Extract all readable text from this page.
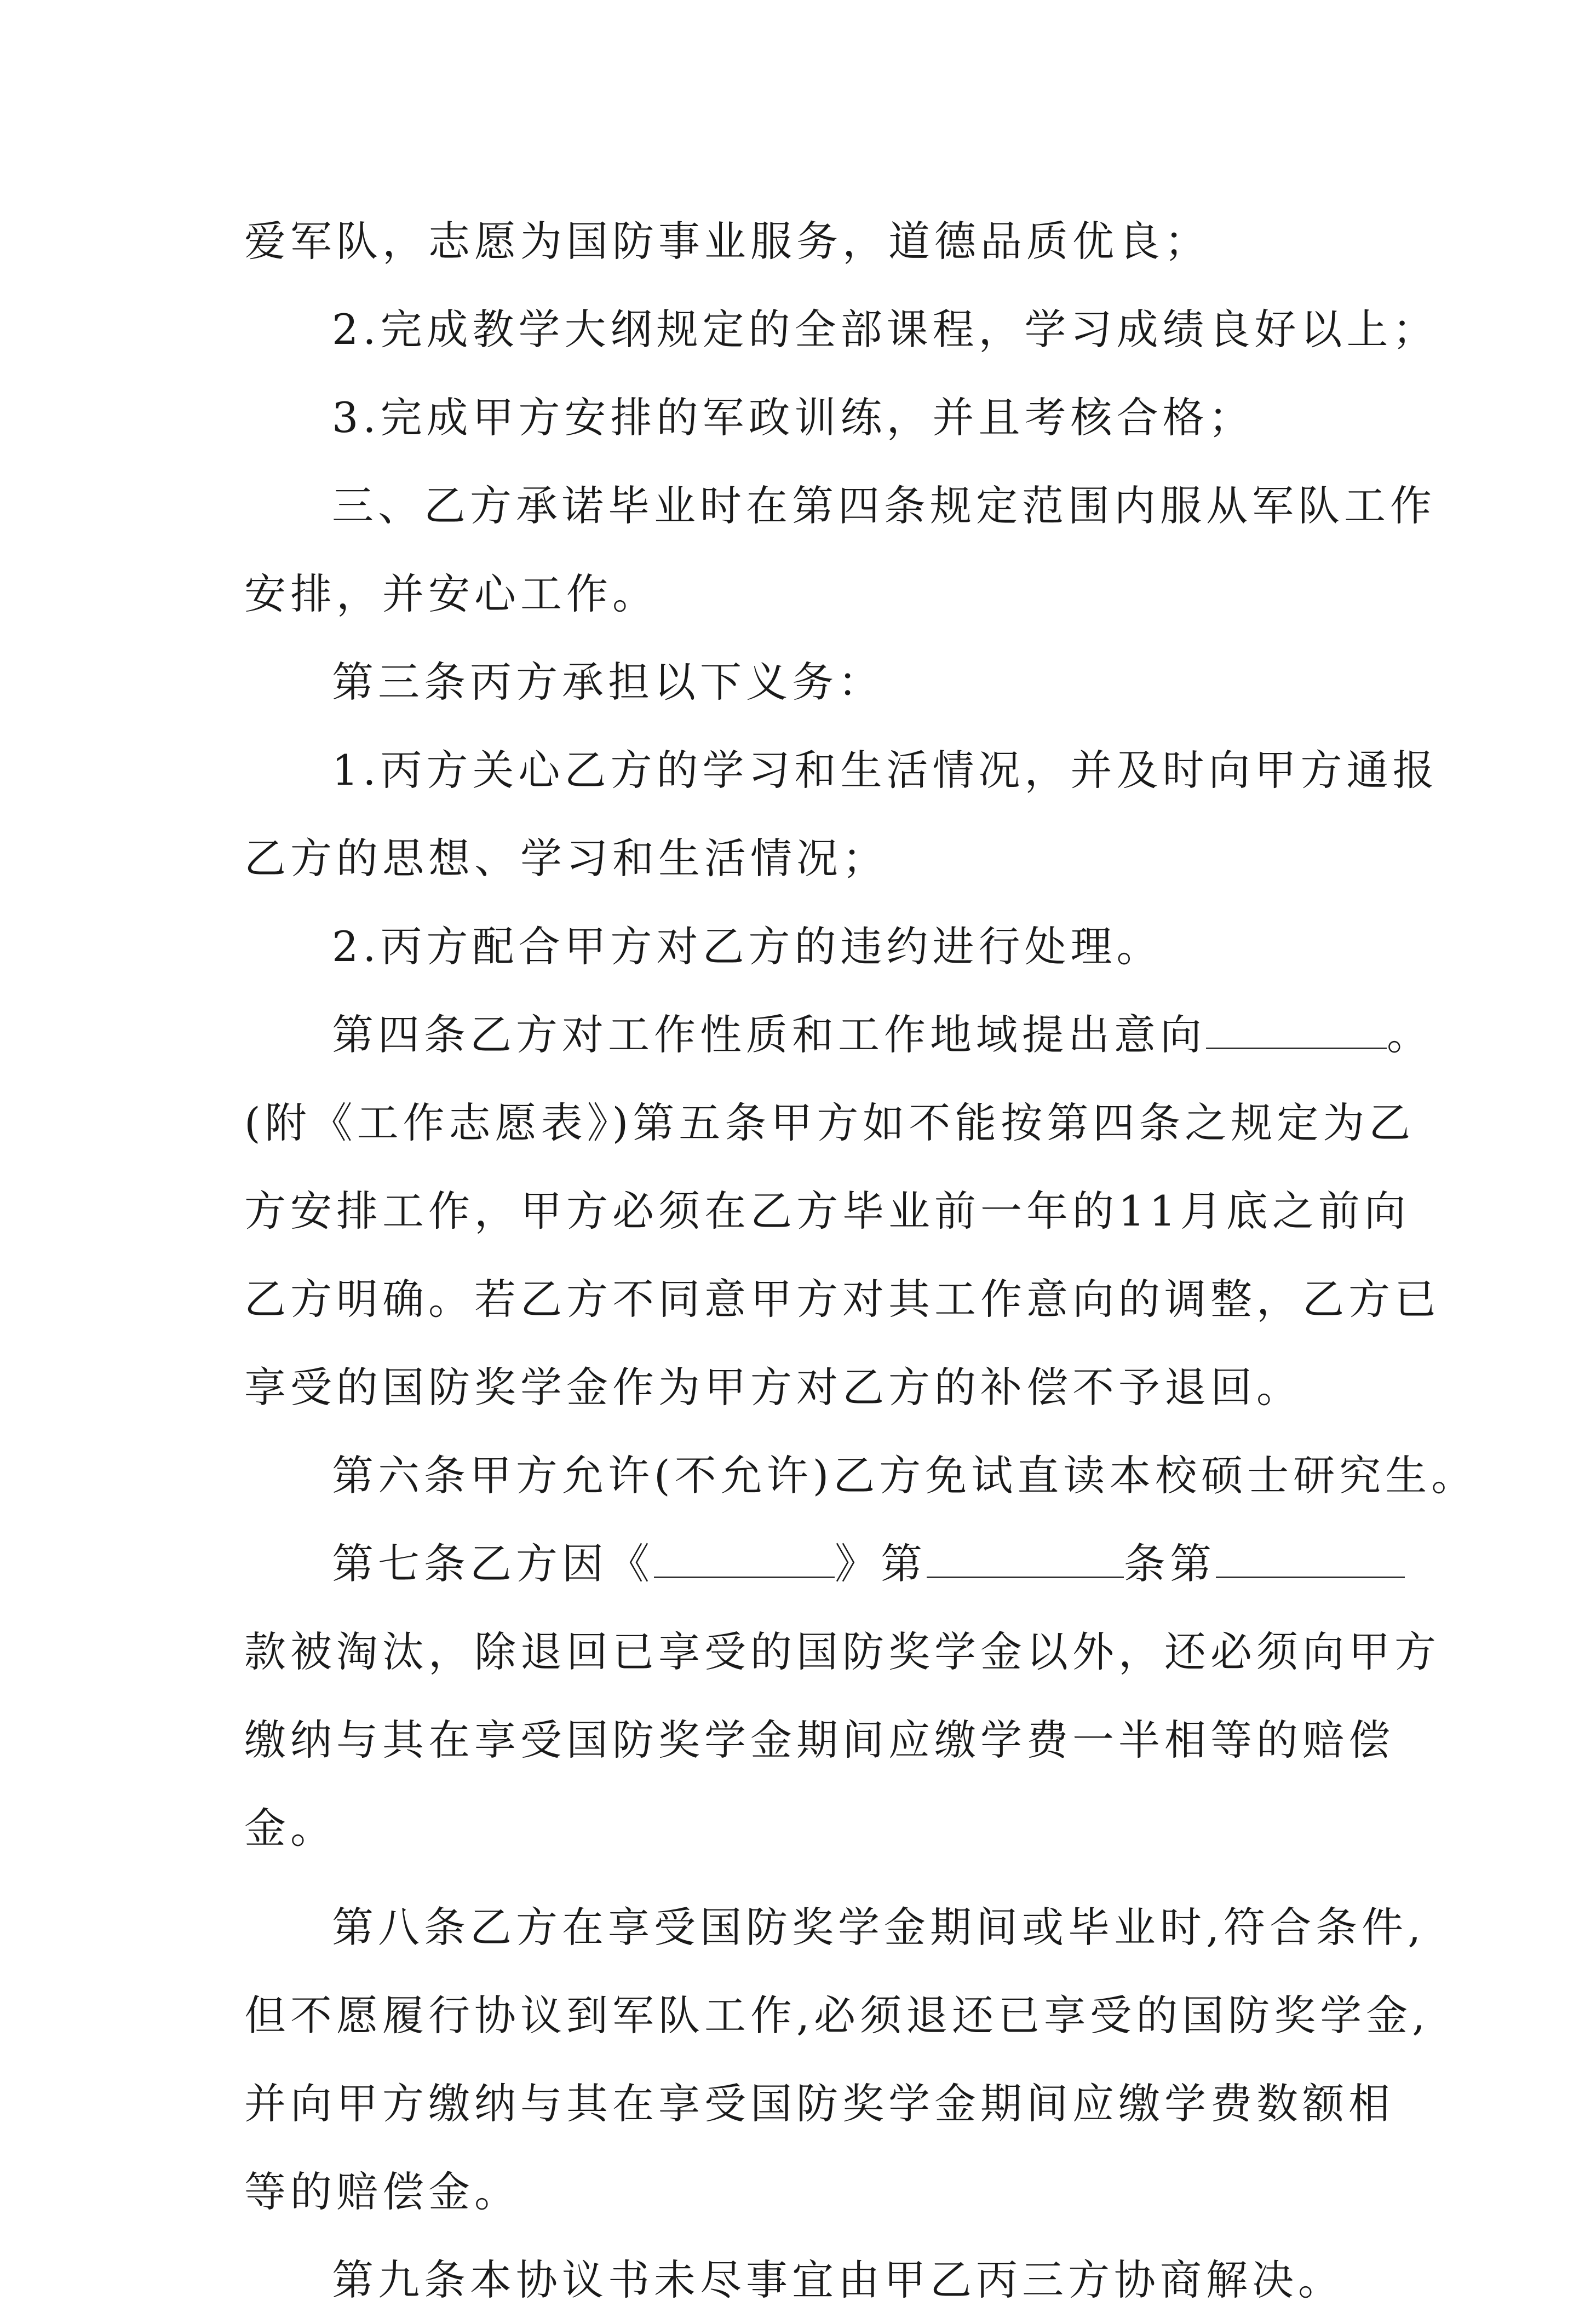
爱军队，志愿为国防事业服务，道德品质优良；
2.完成教学大纲规定的全部课程，学习成绩良好以上；
3.完成甲方安排的军政训练，并且考核合格；
三、乙方承诺毕业时在第四条规定范围内服从军队工作
安排，并安心工作。
第三条丙方承担以下义务：
1.丙方关心乙方的学习和生活情况，并及时向甲方通报
乙方的思想、学习和生活情况；
2.丙方配合甲方对乙方的违约进行处理。
第四条乙方对工作性质和工作地域提出意向	。
(附《工作志愿表》)第五条甲方如不能按第四条之规定为乙
方安排工作，甲方必须在乙方毕业前一年的11月底之前向
乙方明确。若乙方不同意甲方对其工作意向的调整，乙方已
享受的国防奖学金作为甲方对乙方的补偿不予退回。
第六条甲方允许(不允许)乙方免试直读本校硕士研究生。
第七条乙方因《	》第	条第
款被淘汰，除退回已享受的国防奖学金以外，还必须向甲方
缴纳与其在享受国防奖学金期间应缴学费一半相等的赔偿
金。
第八条乙方在享受国防奖学金期间或毕业时,符合条件,
但不愿履行协议到军队工作,必须退还已享受的国防奖学金,
并向甲方缴纳与其在享受国防奖学金期间应缴学费数额相
等的赔偿金。
第九条本协议书未尽事宜由甲乙丙三方协商解决。
